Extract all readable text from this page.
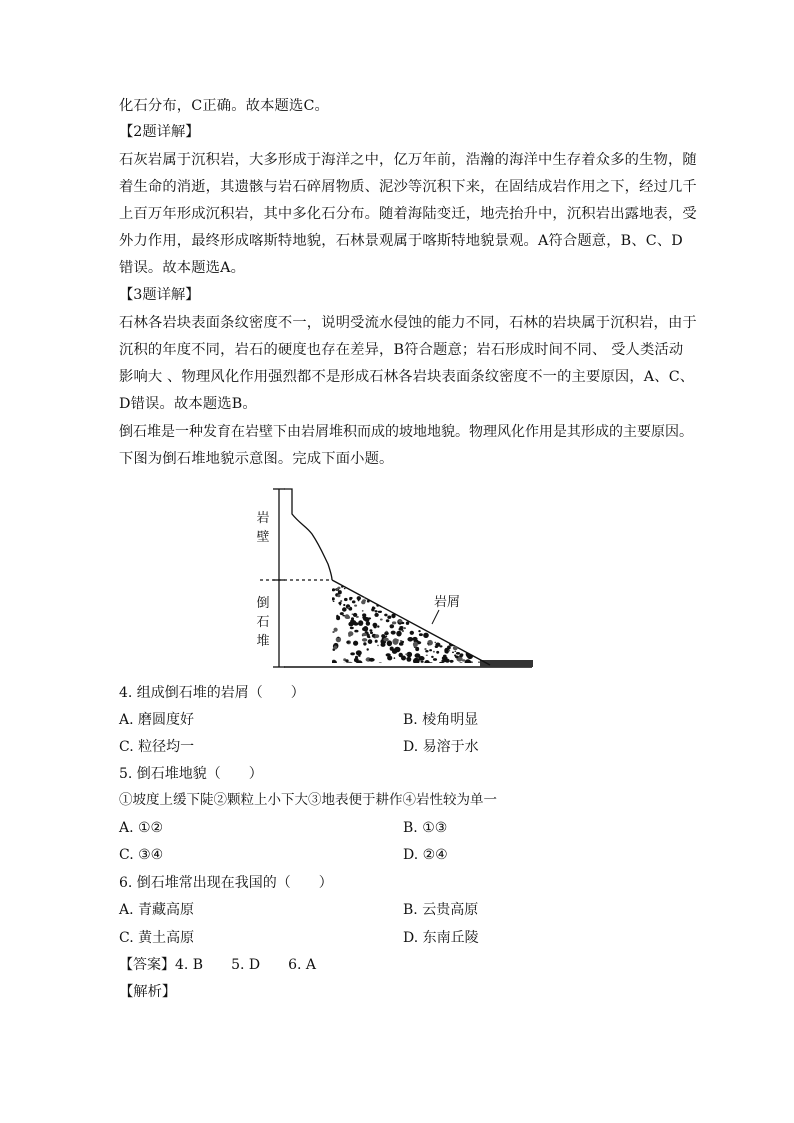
化石分布，C正确。故本题选C。
【2题详解】
石灰岩属于沉积岩，大多形成于海洋之中，亿万年前，浩瀚的海洋中生存着众多的生物，随
着生命的消逝，其遗骸与岩石碎屑物质、泥沙等沉积下来，在固结成岩作用之下，经过几千
上百万年形成沉积岩，其中多化石分布。随着海陆变迁，地壳抬升中，沉积岩出露地表，受
外力作用，最终形成喀斯特地貌，石林景观属于喀斯特地貌景观。A符合题意，B、C、D
错误。故本题选A。
【3题详解】
石林各岩块表面条纹密度不一，说明受流水侵蚀的能力不同，石林的岩块属于沉积岩，由于
沉积的年度不同，岩石的硬度也存在差异，B符合题意；岩石形成时间不同、 受人类活动
影响大 、物理风化作用强烈都不是形成石林各岩块表面条纹密度不一的主要原因，A、C、
D错误。故本题选B。
倒石堆是一种发育在岩壁下由岩屑堆积而成的坡地地貌。物理风化作用是其形成的主要原因。
下图为倒石堆地貌示意图。完成下面小题。
岩
壁
倒
石
堆
岩屑
4. 组成倒石堆的岩屑（　　）
A. 磨圆度好	B. 棱角明显
C. 粒径均一	D. 易溶于水
5. 倒石堆地貌（　　）
①坡度上缓下陡②颗粒上小下大③地表便于耕作④岩性较为单一
A. ①②	B. ①③
C. ③④	D. ②④
6. 倒石堆常出现在我国的（　　）
A. 青藏高原	B. 云贵高原
C. 黄土高原	D. 东南丘陵
【答案】4. B　　5. D　　6. A
【解析】
